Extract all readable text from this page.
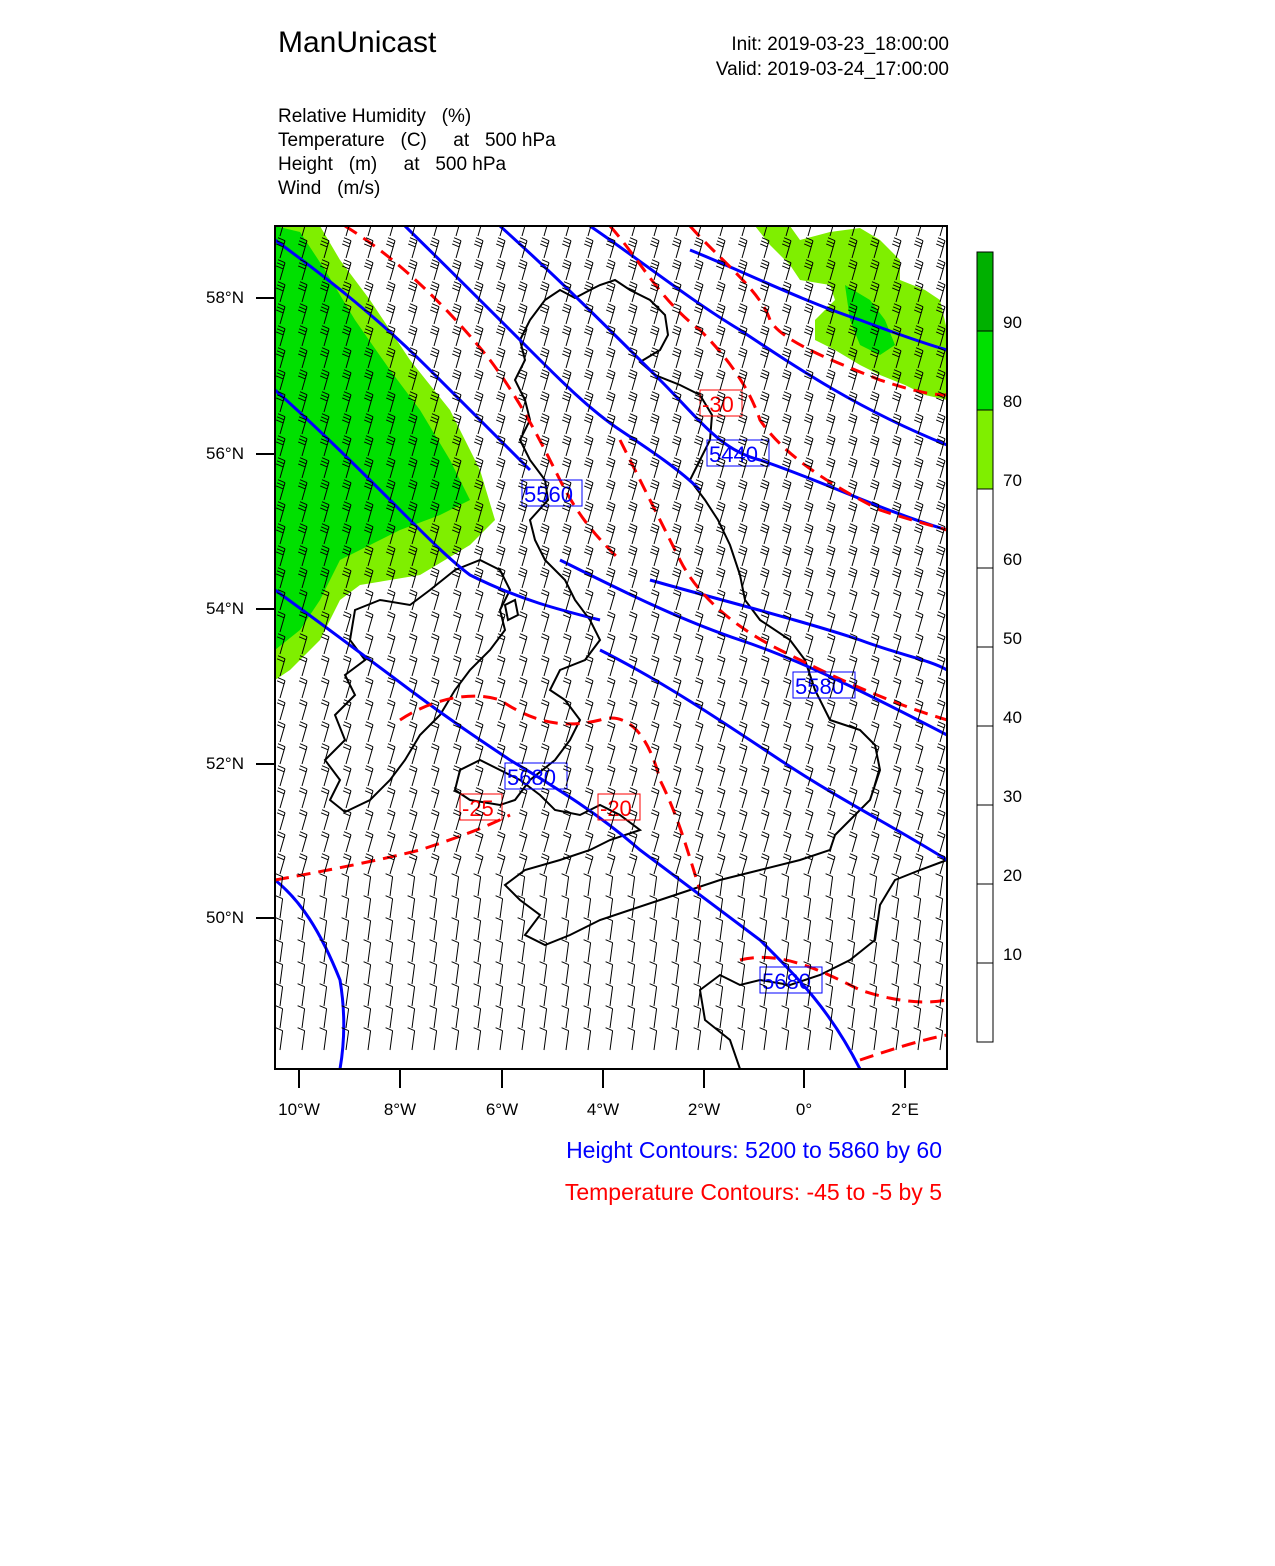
ManUnicast	Init: 2019-03-23_18:00:00
Valid: 2019-03-24_17:00:00
Relative Humidity   (%)
Temperature   (C)     at   500 hPa
Height   (m)     at   500 hPa
Wind   (m/s)
5440
5560
5580
5680
5680
-30
-25	-20
58°N
56°N
54°N
52°N
50°N
10°W	8°W	6°W	4°W	2°W	0°	2°E
90
80
70
60
50
40
30
20
10
Height Contours: 5200 to 5860 by 60
Temperature Contours: -45 to -5 by 5
